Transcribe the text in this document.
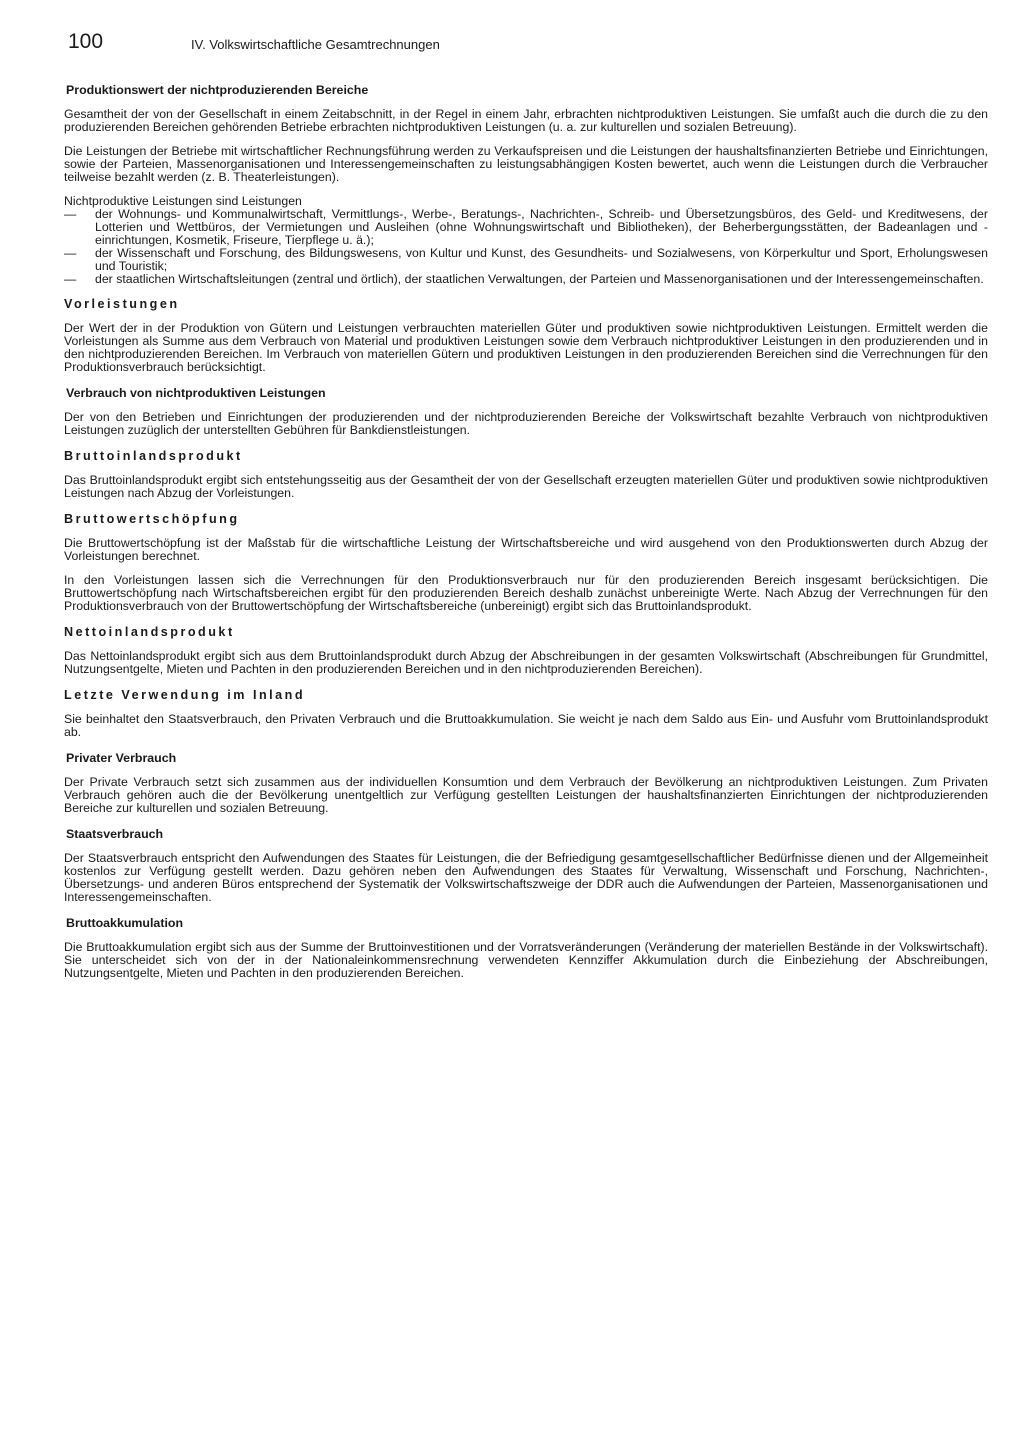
100	IV. Volkswirtschaftliche Gesamtrechnungen
Produktionswert der nichtproduzierenden Bereiche

Gesamtheit der von der Gesellschaft in einem Zeitabschnitt, in der Regel in einem Jahr, erbrachten nichtproduktiven Leistungen. Sie umfaßt auch die durch die zu den produzierenden Bereichen gehörenden Betriebe erbrachten nichtproduktiven Leistungen (u. a. zur kulturellen und sozialen Betreuung).

Die Leistungen der Betriebe mit wirtschaftlicher Rechnungsführung werden zu Verkaufspreisen und die Leistungen der haushaltsfinanzierten Betriebe und Einrichtungen, sowie der Parteien, Massenorganisationen und Interessengemeinschaften zu leistungsabhängigen Kosten bewertet, auch wenn die Leistungen durch die Verbraucher teilweise bezahlt werden (z. B. Theaterleistungen).

Nichtproduktive Leistungen sind Leistungen

— der Wohnungs- und Kommunalwirtschaft, Vermittlungs-, Werbe-, Beratungs-, Nachrichten-, Schreib- und Übersetzungsbüros, des Geld- und Kreditwesens, der Lotterien und Wettbüros, der Vermietungen und Ausleihen (ohne Wohnungswirtschaft und Bibliotheken), der Beherbergungsstätten, der Badeanlagen und -einrichtungen, Kosmetik, Friseure, Tierpflege u. ä.);
— der Wissenschaft und Forschung, des Bildungswesens, von Kultur und Kunst, des Gesundheits- und Sozialwesens, von Körperkultur und Sport, Erholungswesen und Touristik;
— der staatlichen Wirtschaftsleitungen (zentral und örtlich), der staatlichen Verwaltungen, der Parteien und Massenorganisationen und der Interessengemeinschaften.
Vorleistungen

Der Wert der in der Produktion von Gütern und Leistungen verbrauchten materiellen Güter und produktiven sowie nichtproduktiven Leistungen. Ermittelt werden die Vorleistungen als Summe aus dem Verbrauch von Material und produktiven Leistungen sowie dem Verbrauch nichtproduktiver Leistungen in den produzierenden und in den nichtproduzierenden Bereichen. Im Verbrauch von materiellen Gütern und produktiven Leistungen in den produzierenden Bereichen sind die Verrechnungen für den Produktionsverbrauch berücksichtigt.

Verbrauch von nichtproduktiven Leistungen

Der von den Betrieben und Einrichtungen der produzierenden und der nichtproduzierenden Bereiche der Volkswirtschaft bezahlte Verbrauch von nichtproduktiven Leistungen zuzüglich der unterstellten Gebühren für Bankdienstleistungen.

Bruttoinlandsprodukt

Das Bruttoinlandsprodukt ergibt sich entstehungsseitig aus der Gesamtheit der von der Gesellschaft erzeugten materiellen Güter und produktiven sowie nichtproduktiven Leistungen nach Abzug der Vorleistungen.

Bruttowertschöpfung

Die Bruttowertschöpfung ist der Maßstab für die wirtschaftliche Leistung der Wirtschaftsbereiche und wird ausgehend von den Produktionswerten durch Abzug der Vorleistungen berechnet.

In den Vorleistungen lassen sich die Verrechnungen für den Produktionsverbrauch nur für den produzierenden Bereich insgesamt berücksichtigen. Die Bruttowertschöpfung nach Wirtschaftsbereichen ergibt für den produzierenden Bereich deshalb zunächst unbereinigte Werte. Nach Abzug der Verrechnungen für den Produktionsverbrauch von der Bruttowertschöpfung der Wirtschaftsbereiche (unbereinigt) ergibt sich das Bruttoinlandsprodukt.

Nettoinlandsprodukt

Das Nettoinlandsprodukt ergibt sich aus dem Bruttoinlandsprodukt durch Abzug der Abschreibungen in der gesamten Volkswirtschaft (Abschreibungen für Grundmittel, Nutzungsentgelte, Mieten und Pachten in den produzierenden Bereichen und in den nichtproduzierenden Bereichen).

Letzte Verwendung im Inland

Sie beinhaltet den Staatsverbrauch, den Privaten Verbrauch und die Bruttoakkumulation. Sie weicht je nach dem Saldo aus Ein- und Ausfuhr vom Bruttoinlandsprodukt ab.

Privater Verbrauch

Der Private Verbrauch setzt sich zusammen aus der individuellen Konsumtion und dem Verbrauch der Bevölkerung an nichtproduktiven Leistungen. Zum Privaten Verbrauch gehören auch die der Bevölkerung unentgeltlich zur Verfügung gestellten Leistungen der haushaltsfinanzierten Einrichtungen der nichtproduzierenden Bereiche zur kulturellen und sozialen Betreuung.

Staatsverbrauch

Der Staatsverbrauch entspricht den Aufwendungen des Staates für Leistungen, die der Befriedigung gesamtgesellschaftlicher Bedürfnisse dienen und der Allgemeinheit kostenlos zur Verfügung gestellt werden. Dazu gehören neben den Aufwendungen des Staates für Verwaltung, Wissenschaft und Forschung, Nachrichten-, Übersetzungs- und anderen Büros entsprechend der Systematik der Volkswirtschaftszweige der DDR auch die Aufwendungen der Parteien, Massenorganisationen und Interessengemeinschaften.

Bruttoakkumulation

Die Bruttoakkumulation ergibt sich aus der Summe der Bruttoinvestitionen und der Vorratsveränderungen (Veränderung der materiellen Bestände in der Volkswirtschaft). Sie unterscheidet sich von der in der Nationaleinkommensrechnung verwendeten Kennziffer Akkumulation durch die Einbeziehung der Abschreibungen, Nutzungsentgelte, Mieten und Pachten in den produzierenden Bereichen.
